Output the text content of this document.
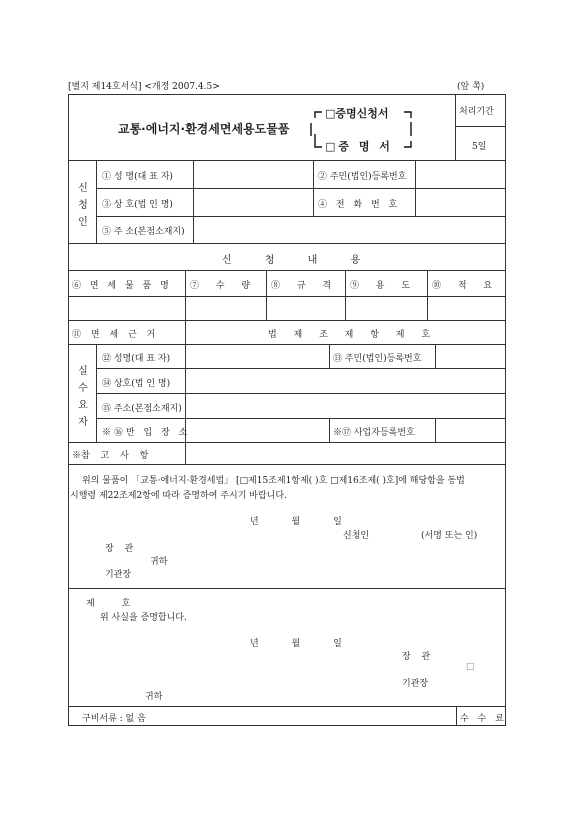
[별지 제14호서식] <개정 2007.4.5>	(앞 쪽)
교통·에너지·환경세면세용도물품
□증명신청서
□증 명 서
처리기간
5일
신 청 인
① 성 명(대 표 자)	② 주민(법인)등록번호
③ 상 호(법 인 명)	④ 전 화 번 호
⑤ 주 소(본점소재지)
신 청 내 용
⑥ 면 세 물 품 명 ⑦ 수 량 ⑧ 규 격 ⑨ 용 도 ⑩ 적 요
⑪ 면 세 근 거	법 제 조 제 항 제 호
실 수 요 자
⑫ 성명(대 표 자)	⑬ 주민(법인)등록번호
⑭ 상호(법 인 명)
⑮ 주소(본점소재지)
※⑯반 입 장 소	※⑰ 사업자등록번호
※참 고 사 항
위의 물품이 「교통·에너지·환경세법」 [□제15조제1항제( )호 □제16조제( )호]에 해당함을 동법
시행령 제22조제2항에 따라 증명하여 주시기 바랍니다.
년 월 일
신청인	(서명 또는 인)
장 관
귀하
기관장
제 호
위 사실을 증명합니다.
년 월 일
장 관
□
기관장
귀하
구비서류 : 없 음	수 수 료
